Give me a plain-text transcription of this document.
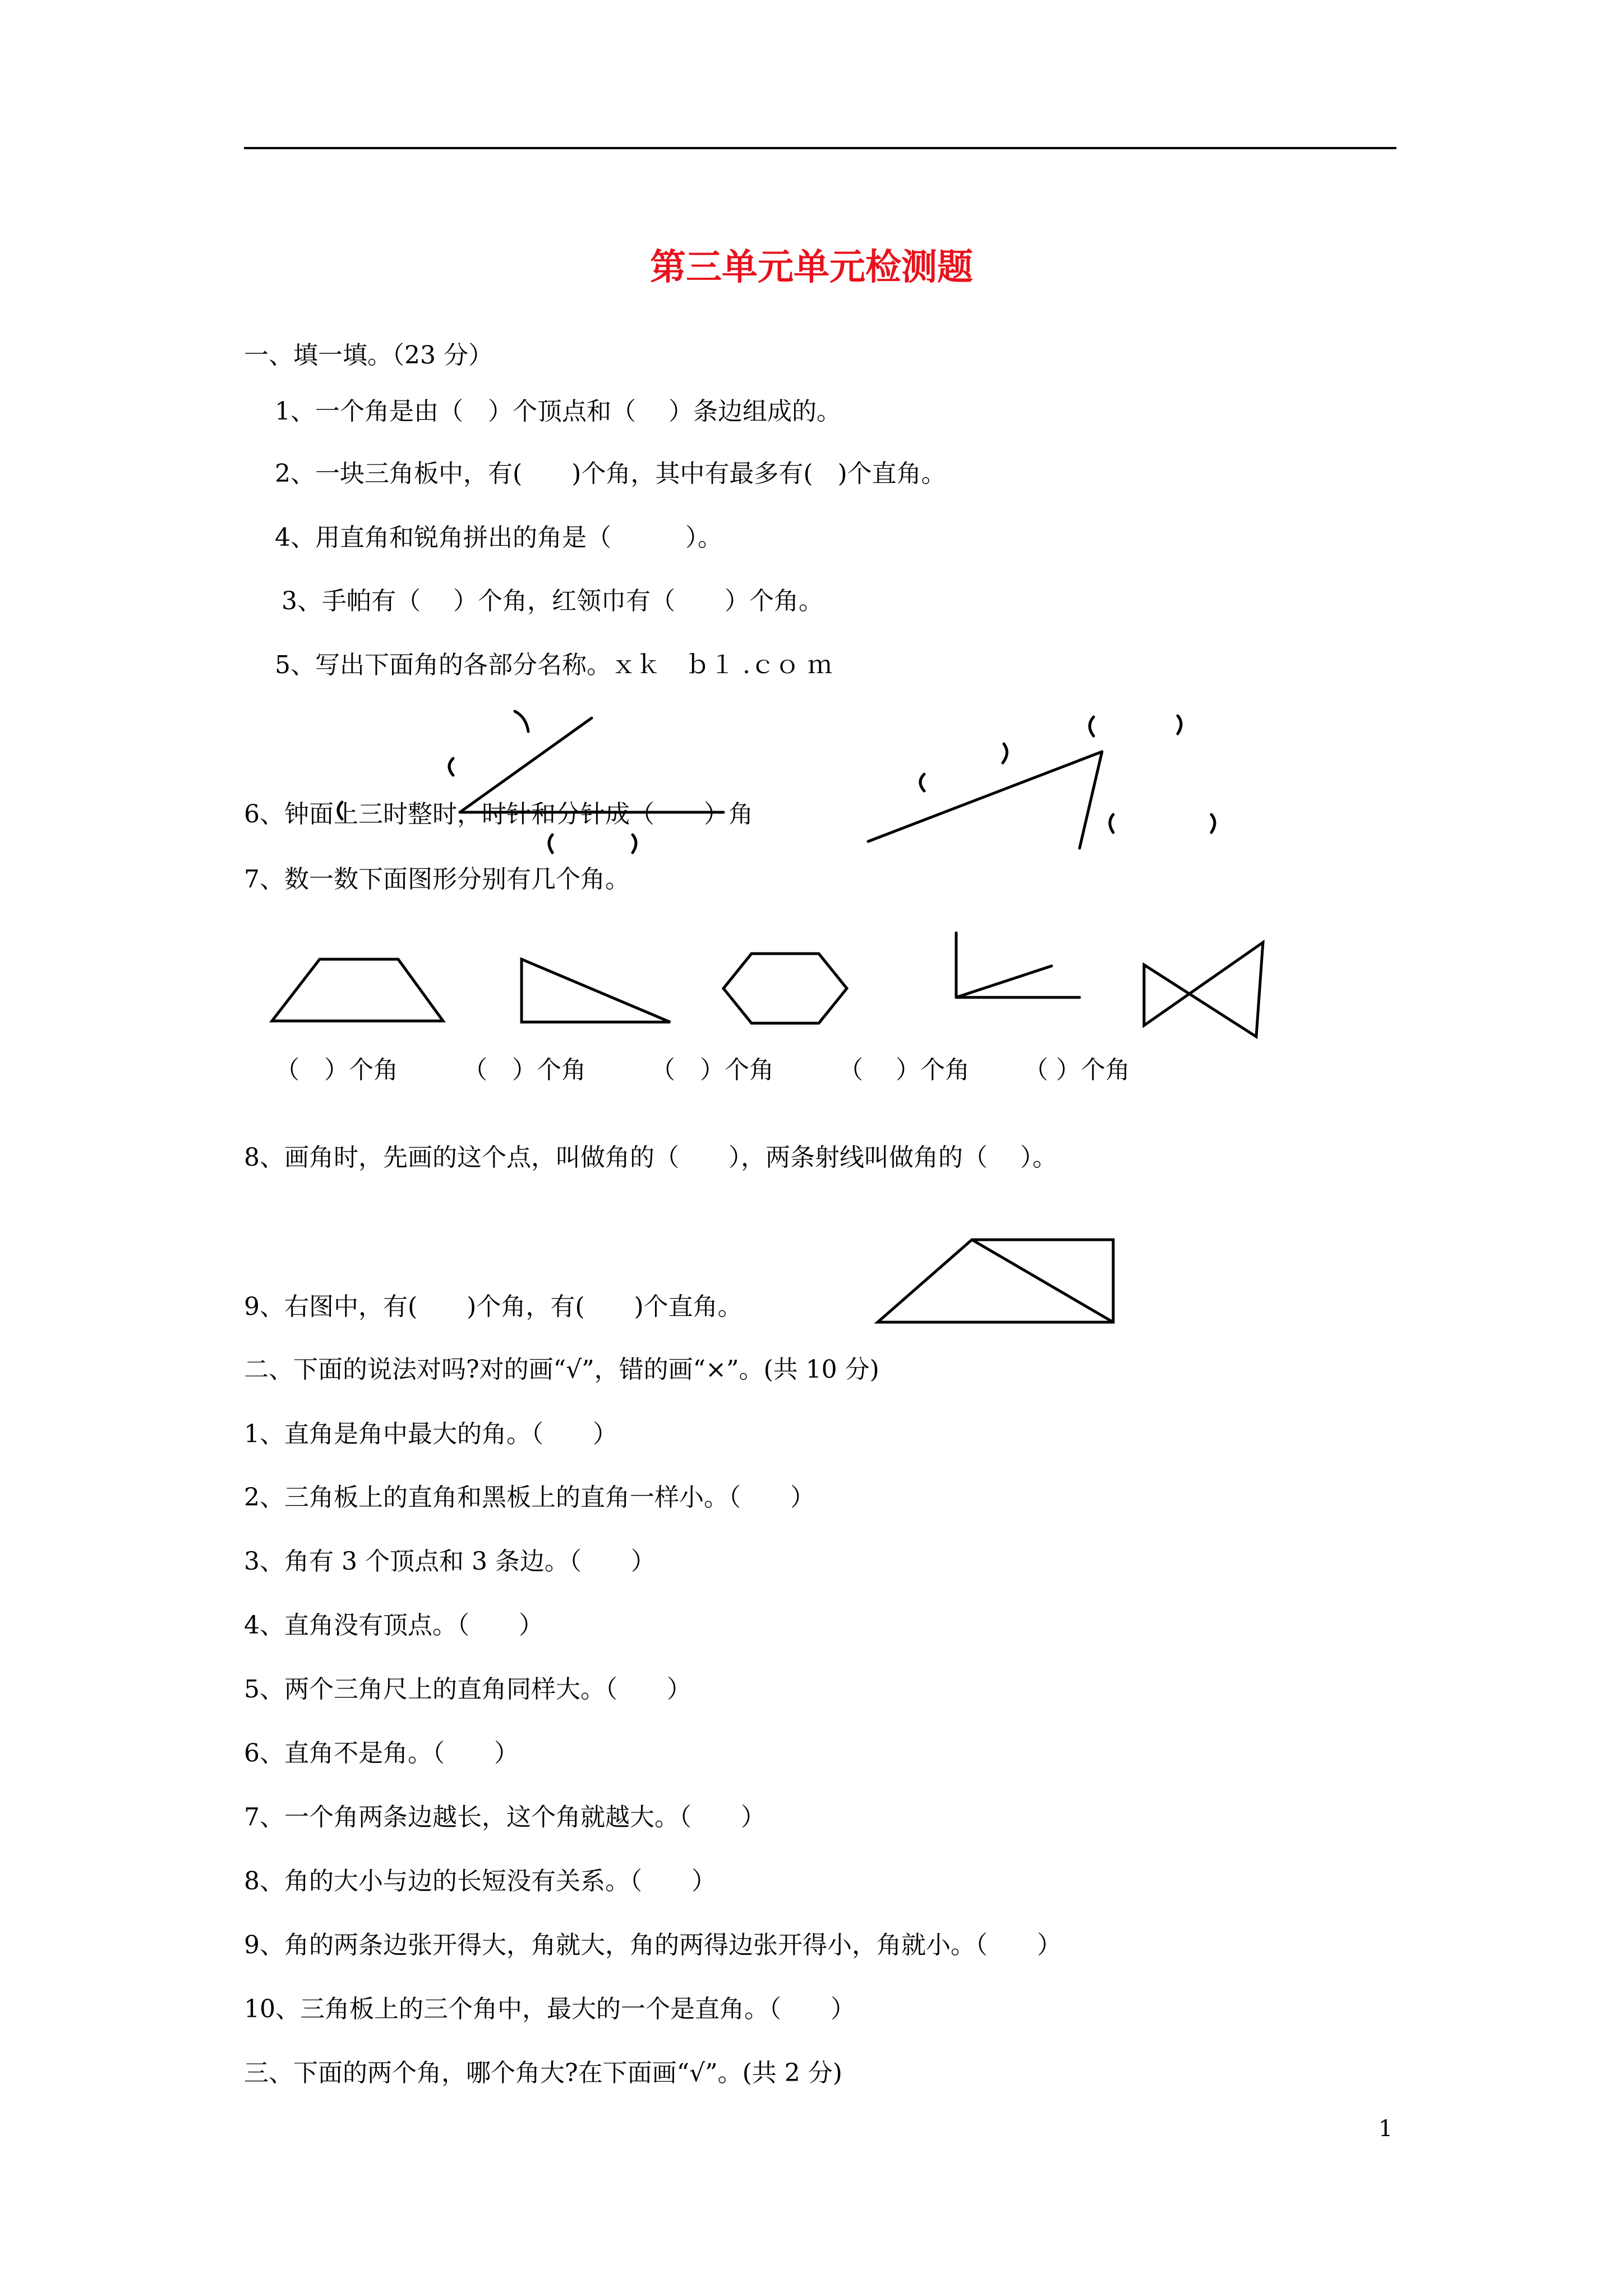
第三单元单元检测题
一、填一填。（23 分）
1、一个角是由（　）个顶点和（　 ）条边组成的。
2、一块三角板中，有(　　)个角，其中有最多有(　)个直角。
4、用直角和锐角拼出的角是（　　　）。
3、手帕有（　 ）个角，红领巾有（　　）个角。
5、写出下面角的各部分名称。ｘｋ　ｂ１ .ｃｏ ｍ
6、钟面上三时整时，时针和分针成（　　）角
7、数一数下面图形分别有几个角。
（　）个角	（　）个角	（　）个角	（　 ）个角 （ ）个角
8、画角时，先画的这个点，叫做角的（　　），两条射线叫做角的（　 ）。
9、右图中，有(　　)个角，有(　　)个直角。
二、下面的说法对吗?对的画“√”，错的画“×”。(共 10 分)
1、直角是角中最大的角。（　　）
2、三角板上的直角和黑板上的直角一样小。（　　）
3、角有 3 个顶点和 3 条边。（　　）
4、直角没有顶点。（　　）
5、两个三角尺上的直角同样大。（　　）
6、直角不是角。（　　）
7、一个角两条边越长，这个角就越大。（　　）
8、角的大小与边的长短没有关系。（　　）
9、角的两条边张开得大，角就大，角的两得边张开得小，角就小。（　　）
10、三角板上的三个角中，最大的一个是直角。（　　）
三、下面的两个角，哪个角大?在下面画“√”。(共 2 分)
1
